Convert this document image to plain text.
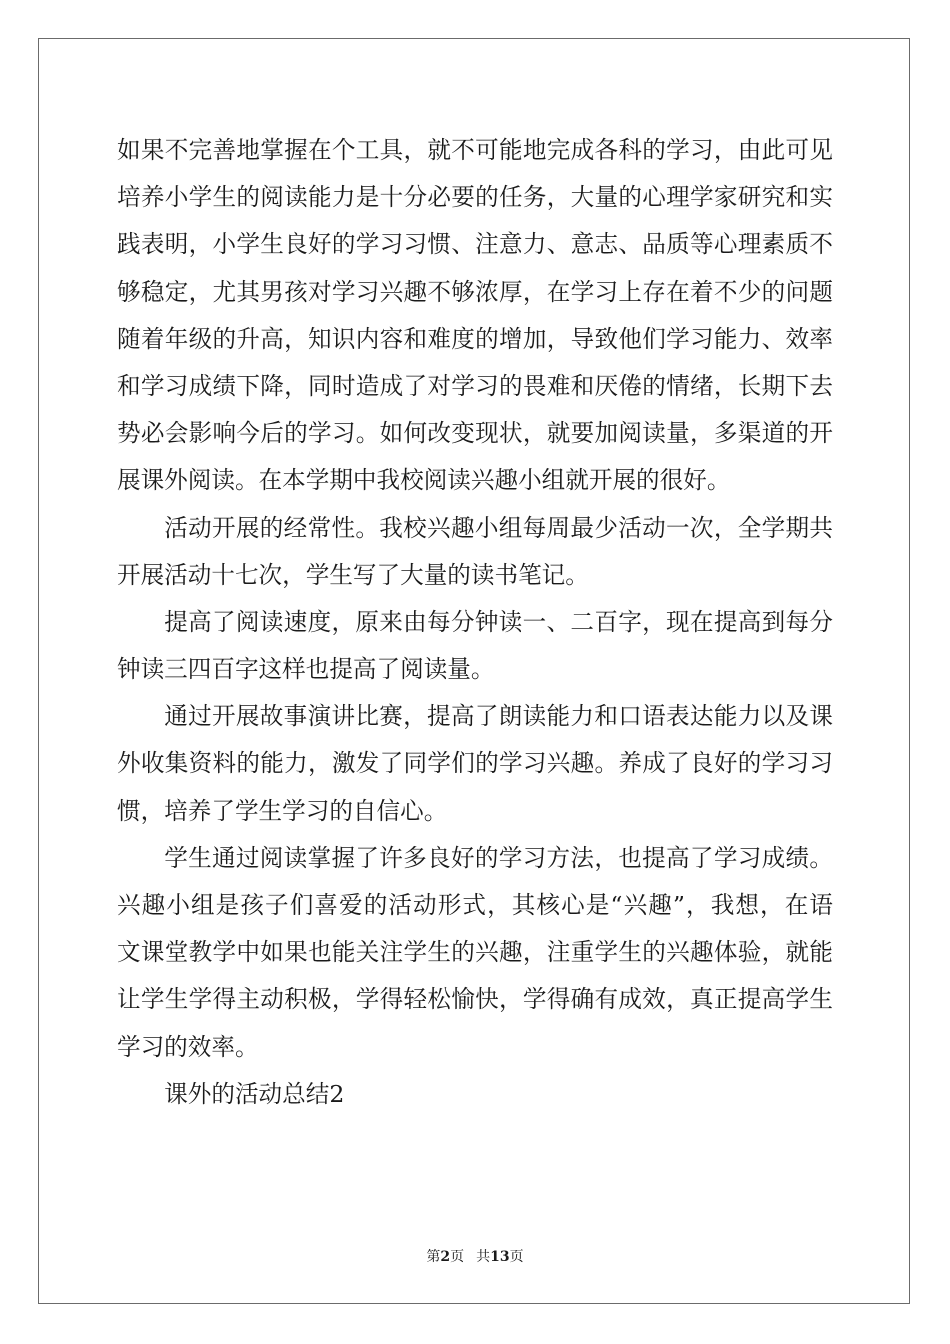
如果不完善地掌握在个工具，就不可能地完成各科的学习，由此可见
培养小学生的阅读能力是十分必要的任务，大量的心理学家研究和实
践表明，小学生良好的学习习惯、注意力、意志、品质等心理素质不
够稳定，尤其男孩对学习兴趣不够浓厚，在学习上存在着不少的问题
随着年级的升高，知识内容和难度的增加，导致他们学习能力、效率
和学习成绩下降，同时造成了对学习的畏难和厌倦的情绪，长期下去
势必会影响今后的学习。如何改变现状，就要加阅读量，多渠道的开
展课外阅读。在本学期中我校阅读兴趣小组就开展的很好。
活动开展的经常性。我校兴趣小组每周最少活动一次，全学期共
开展活动十七次，学生写了大量的读书笔记。
提高了阅读速度，原来由每分钟读一、二百字，现在提高到每分
钟读三四百字这样也提高了阅读量。
通过开展故事演讲比赛，提高了朗读能力和口语表达能力以及课
外收集资料的能力，激发了同学们的学习兴趣。养成了良好的学习习
惯，培养了学生学习的自信心。
学生通过阅读掌握了许多良好的学习方法，也提高了学习成绩。
兴趣小组是孩子们喜爱的活动形式，其核心是“兴趣”，我想，在语
文课堂教学中如果也能关注学生的兴趣，注重学生的兴趣体验，就能
让学生学得主动积极，学得轻松愉快，学得确有成效，真正提高学生
学习的效率。
课外的活动总结2
第2页 共13页
